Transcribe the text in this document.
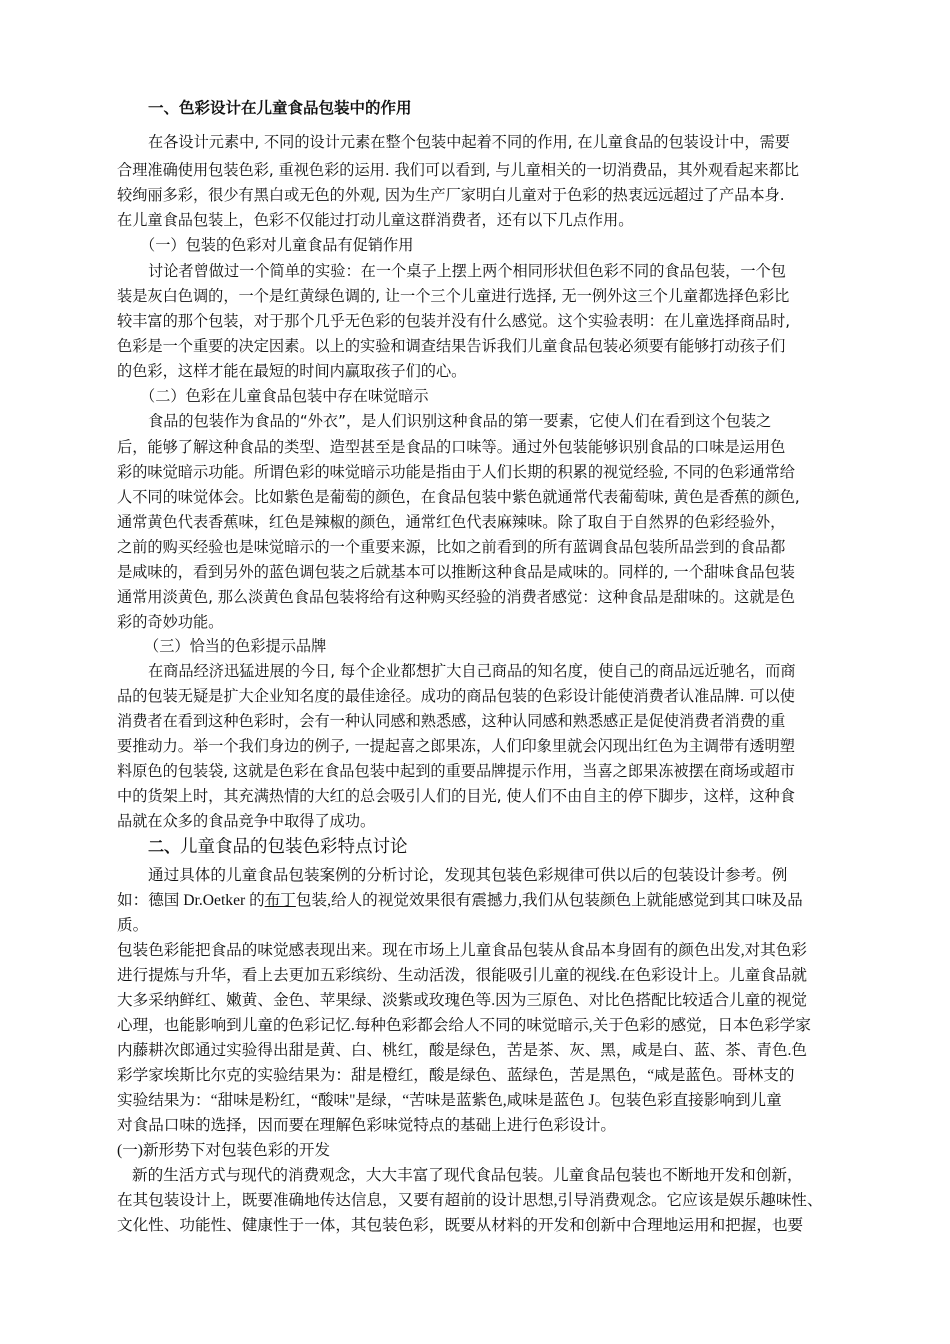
一、色彩设计在儿童食品包装中的作用
在各设计元素中, 不同的设计元素在整个包装中起着不同的作用, 在儿童食品的包装设计中，需要
合理准确使用包装色彩, 重视色彩的运用. 我们可以看到, 与儿童相关的一切消费品，其外观看起来都比
较绚丽多彩，很少有黑白或无色的外观, 因为生产厂家明白儿童对于色彩的热衷远远超过了产品本身.
在儿童食品包装上，色彩不仅能过打动儿童这群消费者，还有以下几点作用。
（一）包装的色彩对儿童食品有促销作用
讨论者曾做过一个简单的实验：在一个桌子上摆上两个相同形状但色彩不同的食品包装，一个包
装是灰白色调的，一个是红黄绿色调的, 让一个三个儿童进行选择, 无一例外这三个儿童都选择色彩比
较丰富的那个包装，对于那个几乎无色彩的包装并没有什么感觉。这个实验表明：在儿童选择商品时,
色彩是一个重要的决定因素。以上的实验和调查结果告诉我们儿童食品包装必须要有能够打动孩子们
的色彩，这样才能在最短的时间内赢取孩子们的心。
（二）色彩在儿童食品包装中存在味觉暗示
食品的包装作为食品的“外衣”，是人们识别这种食品的第一要素，它使人们在看到这个包装之
后，能够了解这种食品的类型、造型甚至是食品的口味等。通过外包装能够识别食品的口味是运用色
彩的味觉暗示功能。所谓色彩的味觉暗示功能是指由于人们长期的积累的视觉经验, 不同的色彩通常给
人不同的味觉体会。比如紫色是葡萄的颜色，在食品包装中紫色就通常代表葡萄味, 黄色是香蕉的颜色,
通常黄色代表香蕉味，红色是辣椒的颜色，通常红色代表麻辣味。除了取自于自然界的色彩经验外，
之前的购买经验也是味觉暗示的一个重要来源，比如之前看到的所有蓝调食品包装所品尝到的食品都
是咸味的，看到另外的蓝色调包装之后就基本可以推断这种食品是咸味的。同样的, 一个甜味食品包装
通常用淡黄色, 那么淡黄色食品包装将给有这种购买经验的消费者感觉：这种食品是甜味的。这就是色
彩的奇妙功能。
（三）恰当的色彩提示品牌
在商品经济迅猛进展的今日, 每个企业都想扩大自己商品的知名度，使自己的商品远近驰名，而商
品的包装无疑是扩大企业知名度的最佳途径。成功的商品包装的色彩设计能使消费者认准品牌. 可以使
消费者在看到这种色彩时，会有一种认同感和熟悉感，这种认同感和熟悉感正是促使消费者消费的重
要推动力。举一个我们身边的例子, 一提起喜之郎果冻，人们印象里就会闪现出红色为主调带有透明塑
料原色的包装袋, 这就是色彩在食品包装中起到的重要品牌提示作用，当喜之郎果冻被摆在商场或超市
中的货架上时，其充满热情的大红的总会吸引人们的目光, 使人们不由自主的停下脚步，这样，这种食
品就在众多的食品竞争中取得了成功。
二、儿童食品的包装色彩特点讨论
通过具体的儿童食品包装案例的分析讨论，发现其包装色彩规律可供以后的包装设计参考。例
如：德国 Dr.Oetker 的布丁包装,给人的视觉效果很有震撼力,我们从包装颜色上就能感觉到其口味及品
质。
包装色彩能把食品的味觉感表现出来。现在市场上儿童食品包装从食品本身固有的颜色出发,对其色彩
进行提炼与升华，看上去更加五彩缤纷、生动活泼，很能吸引儿童的视线.在色彩设计上。儿童食品就
大多采纳鲜红、嫩黄、金色、苹果绿、淡紫或玫瑰色等.因为三原色、对比色搭配比较适合儿童的视觉
心理，也能影响到儿童的色彩记忆.每种色彩都会给人不同的味觉暗示,关于色彩的感觉，日本色彩学家
内藤耕次郎通过实验得出甜是黄、白、桃红，酸是绿色，苦是茶、灰、黑，咸是白、蓝、茶、青色.色
彩学家埃斯比尔克的实验结果为：甜是橙红，酸是绿色、蓝绿色，苦是黑色，“咸是蓝色。哥林支的
实验结果为：“甜味是粉红，“酸味"是绿，“苦味是蓝紫色,咸味是蓝色 J。包装色彩直接影响到儿童
对食品口味的选择，因而要在理解色彩味觉特点的基础上进行色彩设计。
(一)新形势下对包装色彩的开发
新的生活方式与现代的消费观念，大大丰富了现代食品包装。儿童食品包装也不断地开发和创新，
在其包装设计上，既要准确地传达信息，又要有超前的设计思想,引导消费观念。它应该是娱乐趣味性、
文化性、功能性、健康性于一体，其包装色彩，既要从材料的开发和创新中合理地运用和把握，也要
